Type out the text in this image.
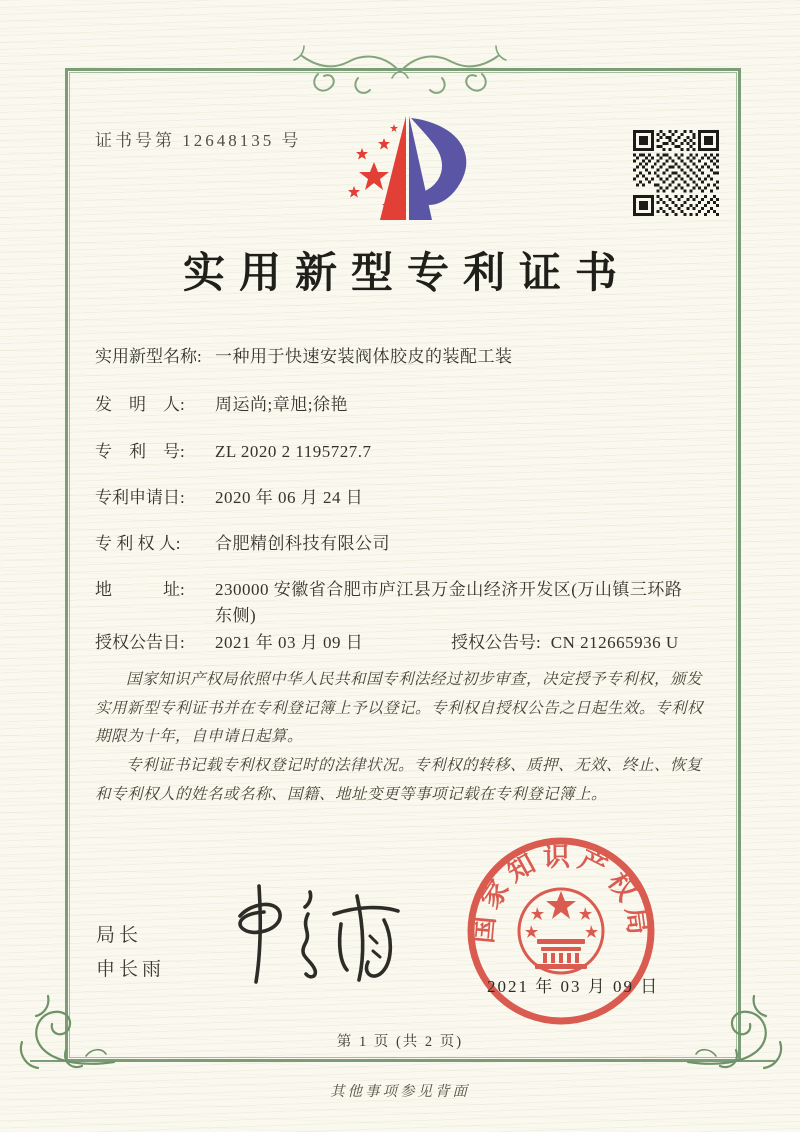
证书号第 12648135 号
实用新型专利证书
实用新型名称: 一种用于快速安装阀体胶皮的装配工装
发　明　人:	周运尚;章旭;徐艳
专　利　号:	ZL 2020 2 1195727.7
专利申请日:	2020 年 06 月 24 日
专 利 权 人:	合肥精创科技有限公司
地　　　址:	230000 安徽省合肥市庐江县万金山经济开发区(万山镇三环路东侧)
授权公告日:	2021 年 03 月 09 日	授权公告号: CN 212665936 U

国家知识产权局依照中华人民共和国专利法经过初步审查，决定授予专利权，颁发实用新型专利证书并在专利登记簿上予以登记。专利权自授权公告之日起生效。专利权期限为十年，自申请日起算。

专利证书记载专利权登记时的法律状况。专利权的转移、质押、无效、终止、恢复和专利权人的姓名或名称、国籍、地址变更等事项记载在专利登记簿上。

局长
申长雨
国家知识产权局
2021 年 03 月 09 日
第 1 页 (共 2 页)
其他事项参见背面
